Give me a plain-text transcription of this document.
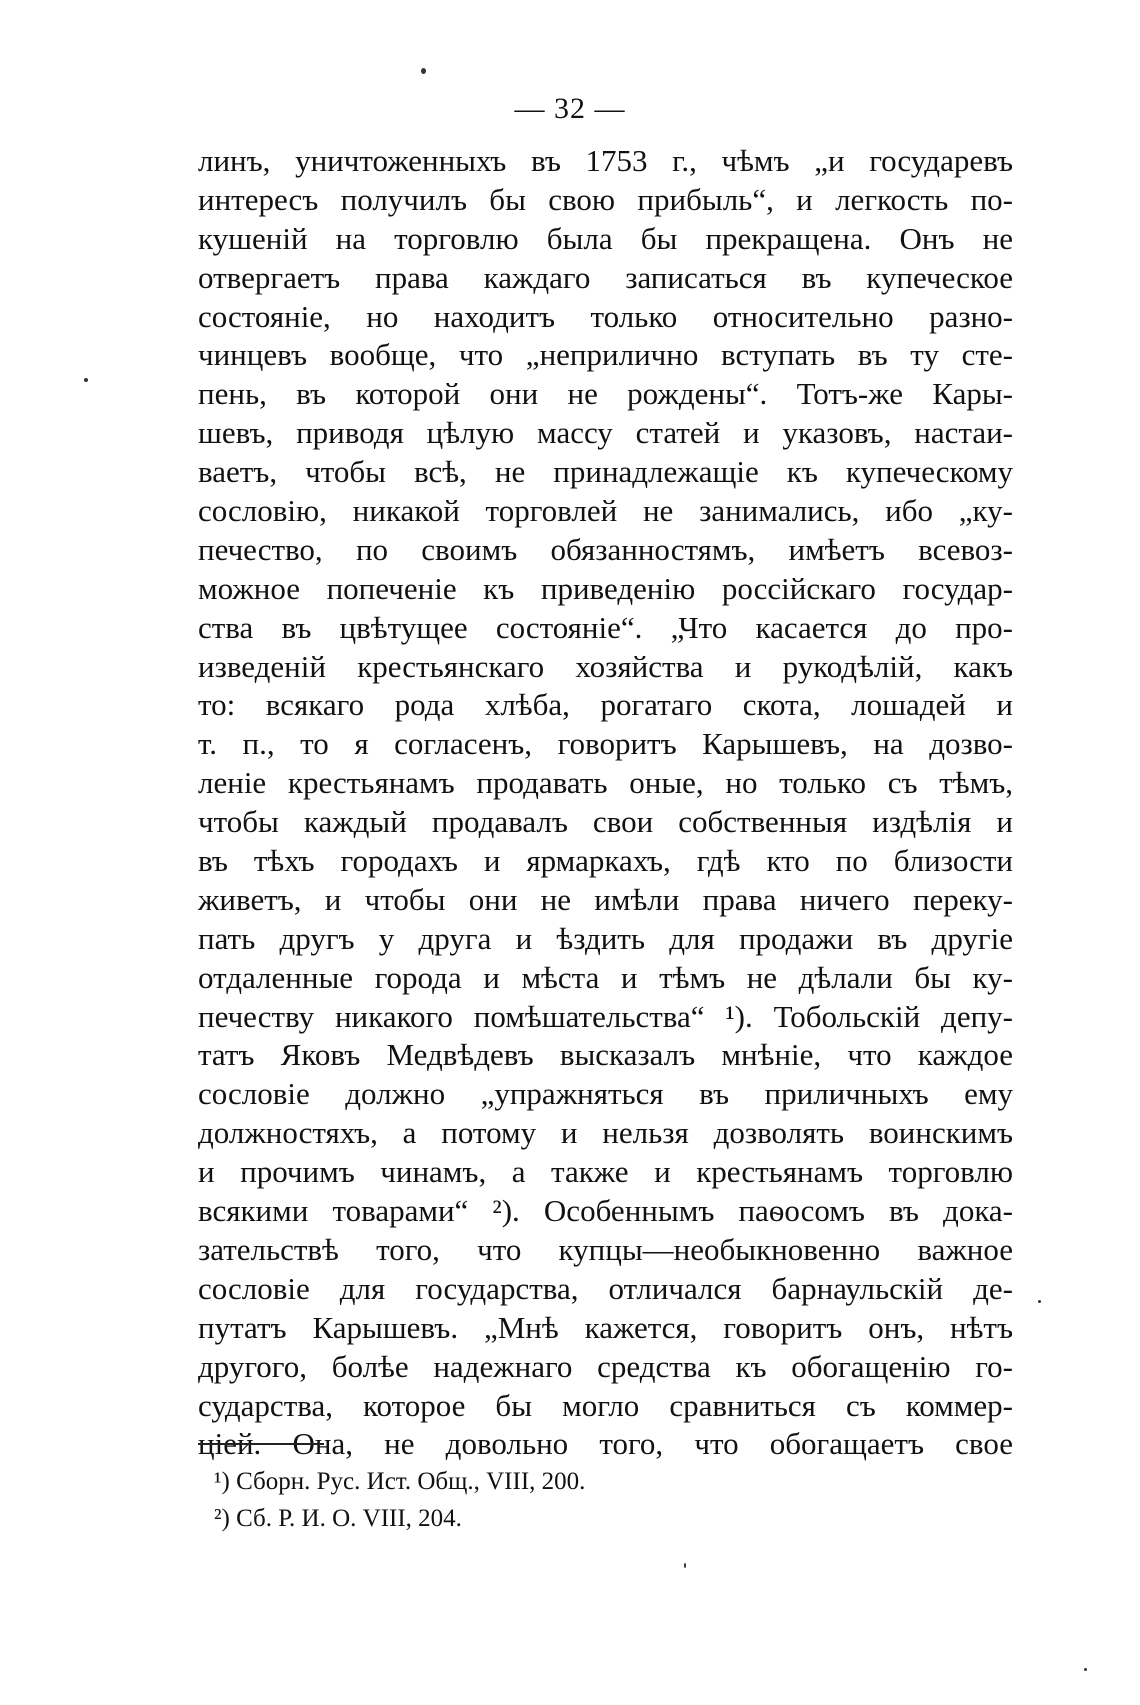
— 32 —
линъ, уничтоженныхъ въ 1753 г., чѣмъ „и государевъ
интересъ получилъ бы свою прибыль“, и легкость по-
кушеній на торговлю была бы прекращена. Онъ не
отвергаетъ права каждаго записаться въ купеческое
состояніе, но находитъ только относительно разно-
чинцевъ вообще, что „неприлично вступать въ ту сте-
пень, въ которой они не рождены“. Тотъ-же Кары-
шевъ, приводя цѣлую массу статей и указовъ, настаи-
ваетъ, чтобы всѣ, не принадлежащіе къ купеческому
сословію, никакой торговлей не занимались, ибо „ку-
печество, по своимъ обязанностямъ, имѣетъ всевоз-
можное попеченіе къ приведенію россійскаго государ-
ства въ цвѣтущее состояніе“. „Что касается до про-
изведеній крестьянскаго хозяйства и рукодѣлій, какъ
то: всякаго рода хлѣба, рогатаго скота, лошадей и
т. п., то я согласенъ, говоритъ Карышевъ, на дозво-
леніе крестьянамъ продавать оные, но только съ тѣмъ,
чтобы каждый продавалъ свои собственныя издѣлія и
въ тѣхъ городахъ и ярмаркахъ, гдѣ кто по близости
живетъ, и чтобы они не имѣли права ничего переку-
пать другъ у друга и ѣздить для продажи въ другіе
отдаленные города и мѣста и тѣмъ не дѣлали бы ку-
печеству никакого помѣшательства“ ¹). Тобольскій депу-
татъ Яковъ Медвѣдевъ высказалъ мнѣніе, что каждое
сословіе должно „упражняться въ приличныхъ ему
должностяхъ, а потому и нельзя дозволять воинскимъ
и прочимъ чинамъ, а также и крестьянамъ торговлю
всякими товарами“ ²). Особеннымъ паѳосомъ въ дока-
зательствѣ того, что купцы—необыкновенно важное
сословіе для государства, отличался барнаульскій де-
путатъ Карышевъ. „Мнѣ кажется, говоритъ онъ, нѣтъ
другого, болѣе надежнаго средства къ обогащенію го-
сударства, которое бы могло сравниться съ коммер-
ціей. Она, не довольно того, что обогащаетъ свое
¹) Сборн. Рус. Ист. Общ., VIII, 200.
²) Сб. Р. И. О. VIII, 204.
